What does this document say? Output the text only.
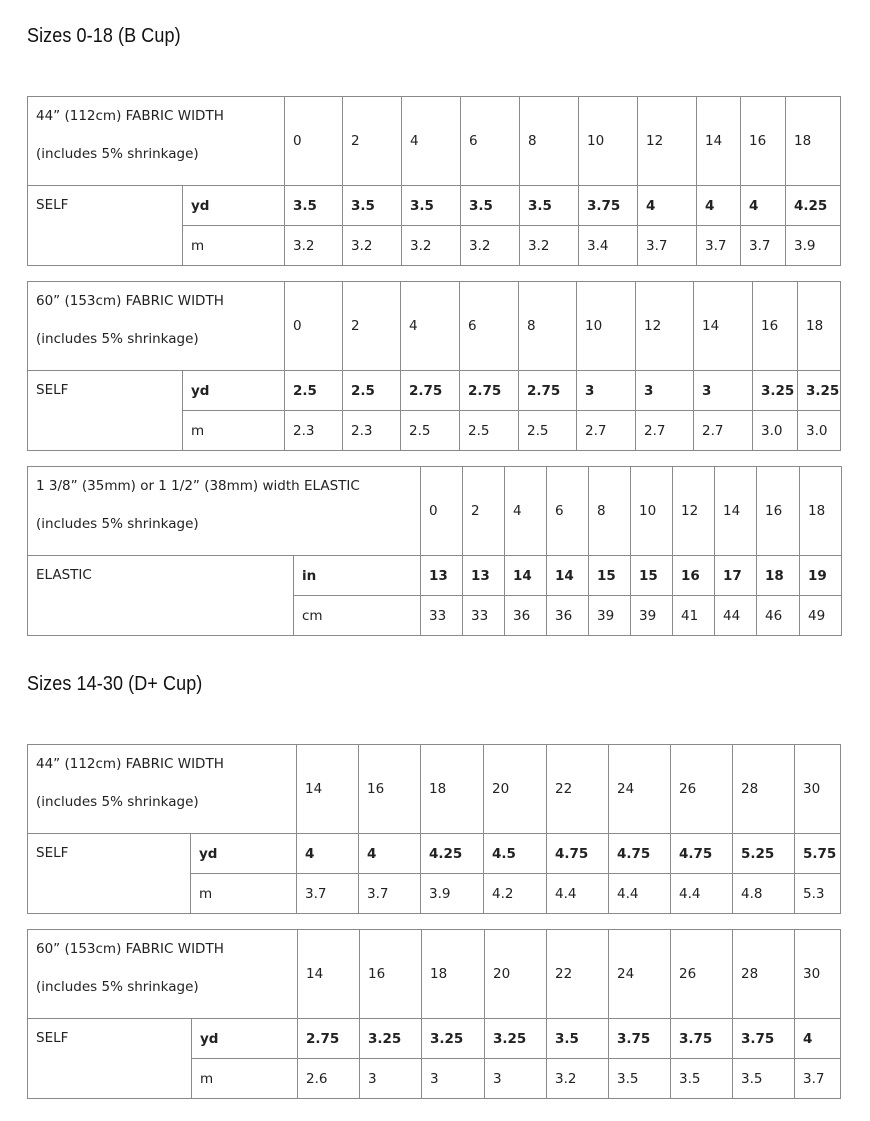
Sizes 0-18 (B Cup)
44” (112cm) FABRIC WIDTH
(includes 5% shrinkage)		0	2	4	6	8	10	12	14	16	18
SELF	yd	3.5	3.5	3.5	3.5	3.5	3.75	4	4	4	4.25
	m	3.2	3.2	3.2	3.2	3.2	3.4	3.7	3.7	3.7	3.9
60” (153cm) FABRIC WIDTH
(includes 5% shrinkage)		0	2	4	6	8	10	12	14	16	18
SELF	yd	2.5	2.5	2.75	2.75	2.75	3	3	3	3.25	3.25
	m	2.3	2.3	2.5	2.5	2.5	2.7	2.7	2.7	3.0	3.0
1 3/8” (35mm) or 1 1/2” (38mm) width ELASTIC
(includes 5% shrinkage)		0	2	4	6	8	10	12	14	16	18
ELASTIC	in	13	13	14	14	15	15	16	17	18	19
	cm	33	33	36	36	39	39	41	44	46	49
Sizes 14-30 (D+ Cup)
44” (112cm) FABRIC WIDTH
(includes 5% shrinkage)		14	16	18	20	22	24	26	28	30
SELF	yd	4	4	4.25	4.5	4.75	4.75	4.75	5.25	5.75
	m	3.7	3.7	3.9	4.2	4.4	4.4	4.4	4.8	5.3
60” (153cm) FABRIC WIDTH
(includes 5% shrinkage)		14	16	18	20	22	24	26	28	30
SELF	yd	2.75	3.25	3.25	3.25	3.5	3.75	3.75	3.75	4
	m	2.6	3	3	3	3.2	3.5	3.5	3.5	3.7
